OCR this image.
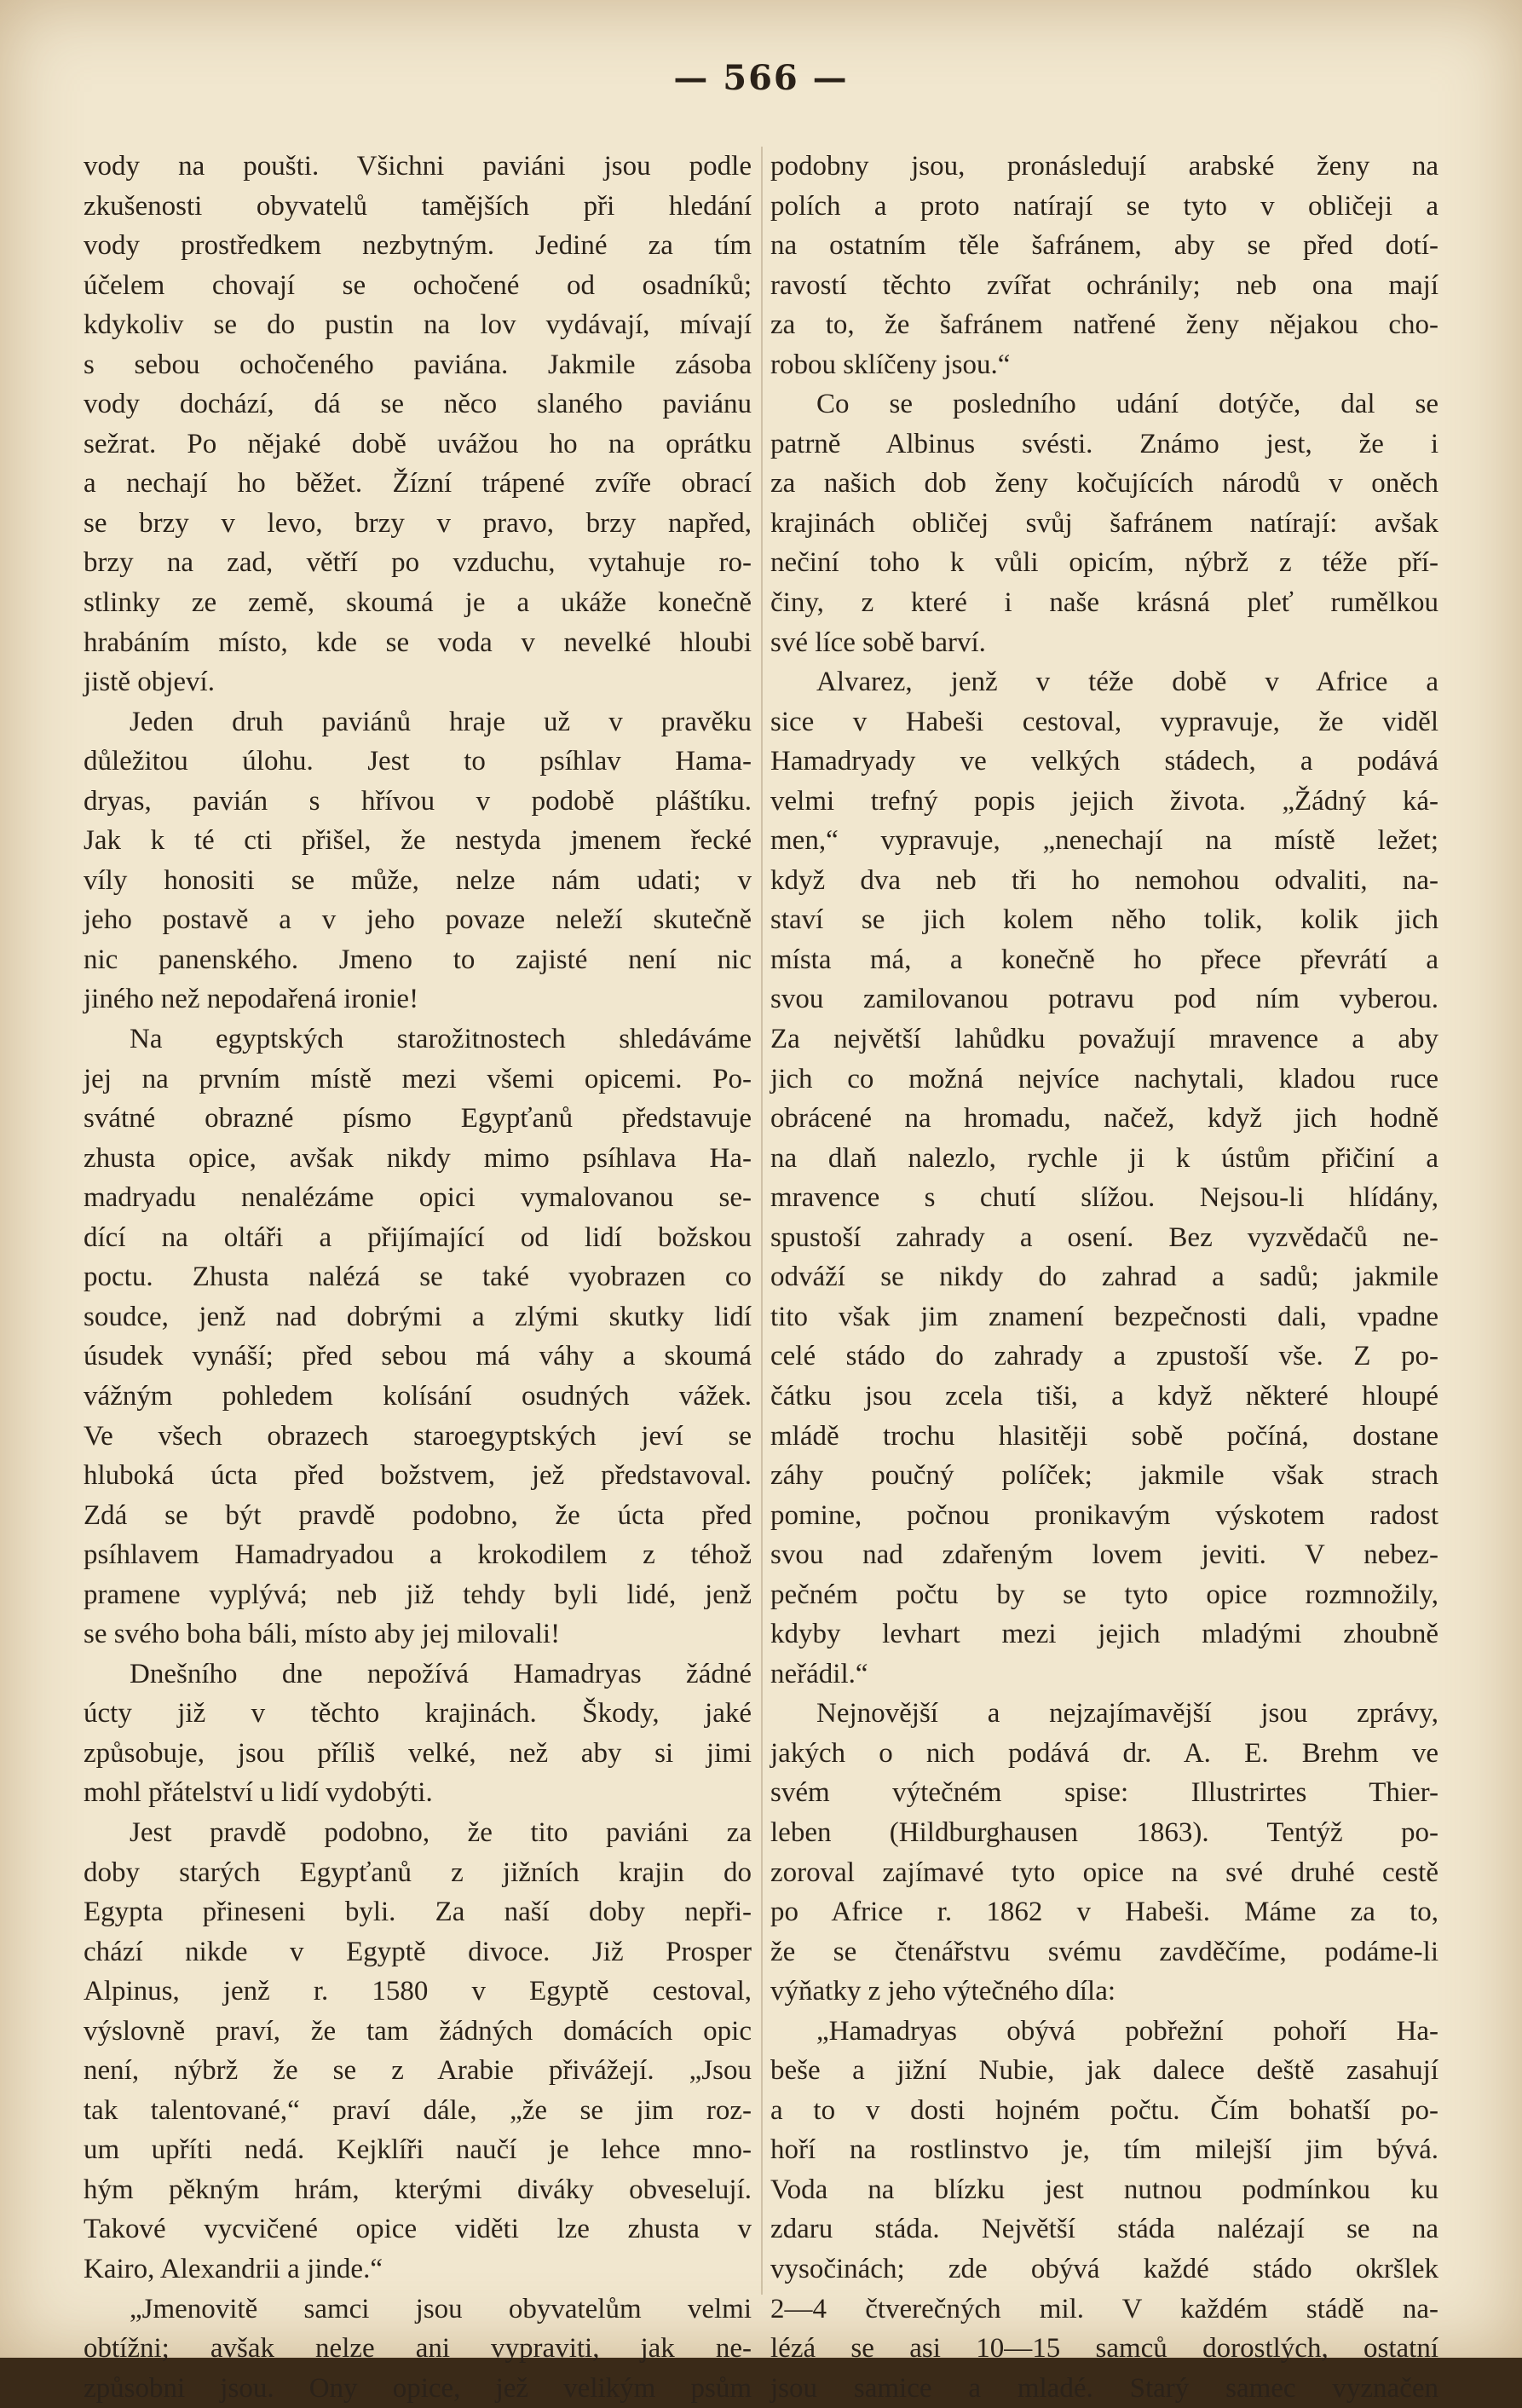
— 566 —
vody na poušti. Všichni paviáni jsou podle
zkušenosti obyvatelů tamějších při hledání
vody prostředkem nezbytným. Jediné za tím
účelem chovají se ochočené od osadníků;
kdykoliv se do pustin na lov vydávají, mívají
s sebou ochočeného paviána. Jakmile zásoba
vody dochází, dá se něco slaného paviánu
sežrat. Po nějaké době uvážou ho na oprátku
a nechají ho běžet. Žízní trápené zvíře obrací
se brzy v levo, brzy v pravo, brzy napřed,
brzy na zad, větří po vzduchu, vytahuje ro-
stlinky ze země, skoumá je a ukáže konečně
hrabáním místo, kde se voda v nevelké hloubi
jistě objeví.
Jeden druh paviánů hraje už v pravěku
důležitou úlohu. Jest to psíhlav Hama-
dryas, pavián s hřívou v podobě pláštíku.
Jak k té cti přišel, že nestyda jmenem řecké
víly honositi se může, nelze nám udati; v
jeho postavě a v jeho povaze neleží skutečně
nic panenského. Jmeno to zajisté není nic
jiného než nepodařená ironie!
Na egyptských starožitnostech shledáváme
jej na prvním místě mezi všemi opicemi. Po-
svátné obrazné písmo Egypťanů představuje
zhusta opice, avšak nikdy mimo psíhlava Ha-
madryadu nenalézáme opici vymalovanou se-
dící na oltáři a přijímající od lidí božskou
poctu. Zhusta nalézá se také vyobrazen co
soudce, jenž nad dobrými a zlými skutky lidí
úsudek vynáší; před sebou má váhy a skoumá
vážným pohledem kolísání osudných vážek.
Ve všech obrazech staroegyptských jeví se
hluboká úcta před božstvem, jež představoval.
Zdá se být pravdě podobno, že úcta před
psíhlavem Hamadryadou a krokodilem z téhož
pramene vyplývá; neb již tehdy byli lidé, jenž
se svého boha báli, místo aby jej milovali!
Dnešního dne nepožívá Hamadryas žádné
úcty již v těchto krajinách. Škody, jaké
způsobuje, jsou příliš velké, než aby si jimi
mohl přátelství u lidí vydobýti.
Jest pravdě podobno, že tito paviáni za
doby starých Egypťanů z jižních krajin do
Egypta přineseni byli. Za naší doby nepři-
chází nikde v Egyptě divoce. Již Prosper
Alpinus, jenž r. 1580 v Egyptě cestoval,
výslovně praví, že tam žádných domácích opic
není, nýbrž že se z Arabie přivážejí. „Jsou
tak talentované,“ praví dále, „že se jim roz-
um upříti nedá. Kejklíři naučí je lehce mno-
hým pěkným hrám, kterými diváky obveselují.
Takové vycvičené opice viděti lze zhusta v
Kairo, Alexandrii a jinde.“
„Jmenovitě samci jsou obyvatelům velmi
obtížni; avšak nelze ani vypraviti, jak ne-
způsobni jsou. Ony opice, jež velikým psům
podobny jsou, pronásledují arabské ženy na
polích a proto natírají se tyto v obličeji a
na ostatním těle šafránem, aby se před dotí-
ravostí těchto zvířat ochránily; neb ona mají
za to, že šafránem natřené ženy nějakou cho-
robou sklíčeny jsou.“
Co se posledního udání dotýče, dal se
patrně Albinus svésti. Známo jest, že i
za našich dob ženy kočujících národů v oněch
krajinách obličej svůj šafránem natírají: avšak
nečiní toho k vůli opicím, nýbrž z téže pří-
činy, z které i naše krásná pleť rumělkou
své líce sobě barví.
Alvarez, jenž v téže době v Africe a
sice v Habeši cestoval, vypravuje, že viděl
Hamadryady ve velkých stádech, a podává
velmi trefný popis jejich života. „Žádný ká-
men,“ vypravuje, „nenechají na místě ležet;
když dva neb tři ho nemohou odvaliti, na-
staví se jich kolem něho tolik, kolik jich
místa má, a konečně ho přece převrátí a
svou zamilovanou potravu pod ním vyberou.
Za největší lahůdku považují mravence a aby
jich co možná nejvíce nachytali, kladou ruce
obrácené na hromadu, načež, když jich hodně
na dlaň nalezlo, rychle ji k ústům přičiní a
mravence s chutí slížou. Nejsou-li hlídány,
spustoší zahrady a osení. Bez vyzvědačů ne-
odváží se nikdy do zahrad a sadů; jakmile
tito však jim znamení bezpečnosti dali, vpadne
celé stádo do zahrady a zpustoší vše. Z po-
čátku jsou zcela tiši, a když některé hloupé
mládě trochu hlasitěji sobě počíná, dostane
záhy poučný políček; jakmile však strach
pomine, počnou pronikavým výskotem radost
svou nad zdařeným lovem jeviti. V nebez-
pečném počtu by se tyto opice rozmnožily,
kdyby levhart mezi jejich mladými zhoubně
neřádil.“
Nejnovější a nejzajímavější jsou zprávy,
jakých o nich podává dr. A. E. Brehm ve
svém výtečném spise: Illustrirtes Thier-
leben (Hildburghausen 1863). Tentýž po-
zoroval zajímavé tyto opice na své druhé cestě
po Africe r. 1862 v Habeši. Máme za to,
že se čtenářstvu svému zavděčíme, podáme-li
výňatky z jeho výtečného díla:
„Hamadryas obývá pobřežní pohoří Ha-
beše a jižní Nubie, jak dalece deště zasahují
a to v dosti hojném počtu. Čím bohatší po-
hoří na rostlinstvo je, tím milejší jim bývá.
Voda na blízku jest nutnou podmínkou ku
zdaru stáda. Největší stáda nalézají se na
vysočinách; zde obývá každé stádo okršlek
2—4 čtverečných mil. V každém stádě na-
lézá se asi 10—15 samců dorostlých, ostatní
jsou samice a mladé. Starý samec vyznačen
